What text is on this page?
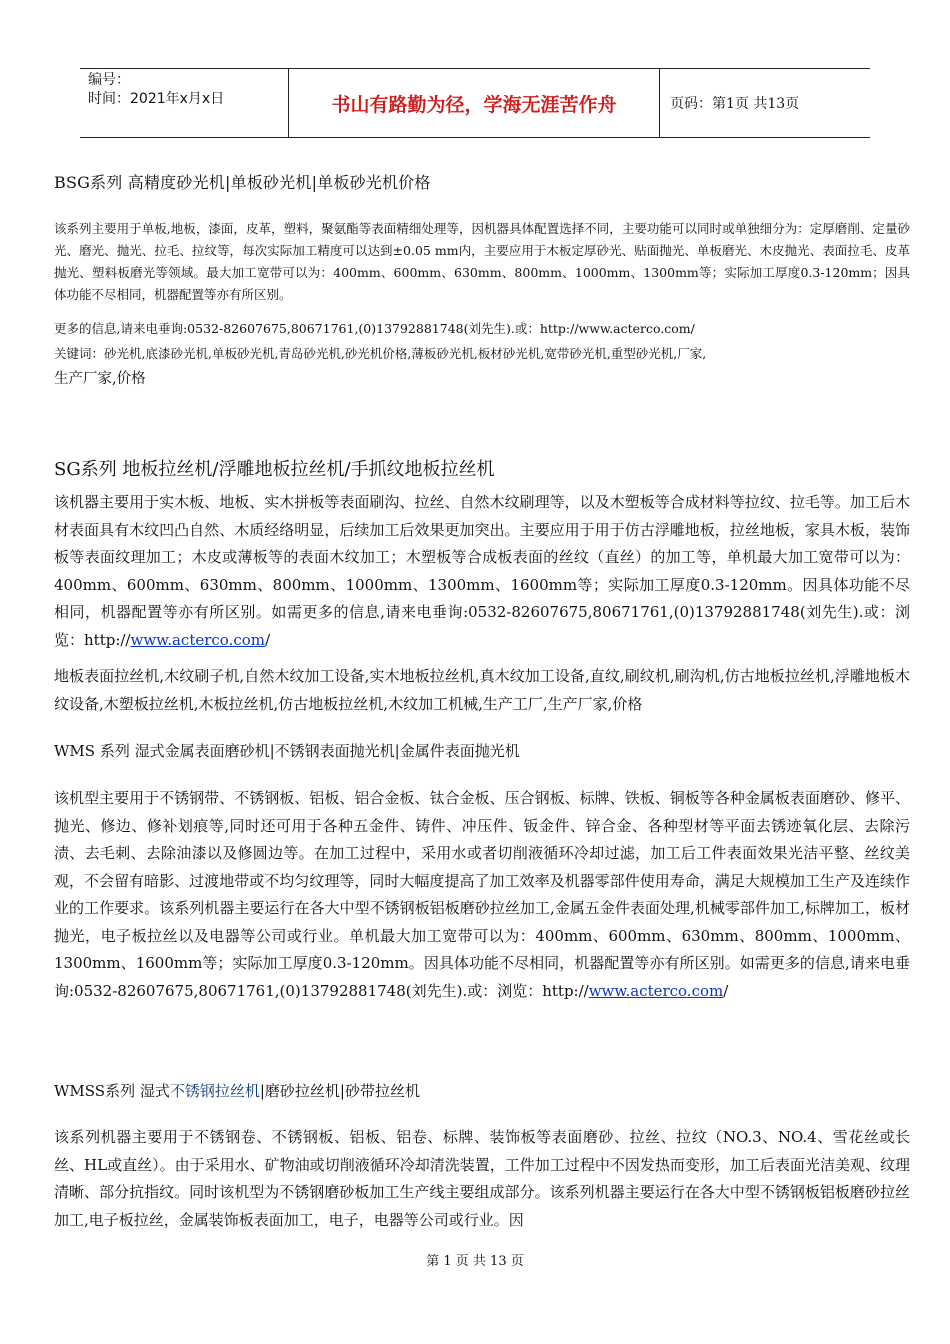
编号：
时间：2021年x月x日	书山有路勤为径，学海无涯苦作舟	页码：第1页 共13页
BSG系列 高精度砂光机|单板砂光机|单板砂光机价格
该系列主要用于单板,地板，漆面，皮革，塑料，聚氨酯等表面精细处理等，因机器具体配置选择不同，主要功能可以同时或单独细分为：定厚磨削、定量砂光、磨光、抛光、拉毛、拉纹等，每次实际加工精度可以达到±0.05 mm内，主要应用于木板定厚砂光、贴面抛光、单板磨光、木皮抛光、表面拉毛、皮革抛光、塑料板磨光等领域。最大加工宽带可以为：400mm、600mm、630mm、800mm、1000mm、1300mm等；实际加工厚度0.3-120mm；因具体功能不尽相同，机器配置等亦有所区别。
更多的信息,请来电垂询:0532-82607675,80671761,(0)13792881748(刘先生).或：http://www.acterco.com/
关键词：砂光机,底漆砂光机,单板砂光机,青岛砂光机,砂光机价格,薄板砂光机,板材砂光机,宽带砂光机,重型砂光机,厂家,
生产厂家,价格
SG系列 地板拉丝机/浮雕地板拉丝机/手抓纹地板拉丝机
该机器主要用于实木板、地板、实木拼板等表面刷沟、拉丝、自然木纹刷理等，以及木塑板等合成材料等拉纹、拉毛等。加工后木材表面具有木纹凹凸自然、木质经络明显，后续加工后效果更加突出。主要应用于用于仿古浮雕地板，拉丝地板，家具木板，装饰板等表面纹理加工；木皮或薄板等的表面木纹加工；木塑板等合成板表面的丝纹（直丝）的加工等，单机最大加工宽带可以为：400mm、600mm、630mm、800mm、1000mm、1300mm、1600mm等；实际加工厚度0.3-120mm。因具体功能不尽相同，机器配置等亦有所区别。如需更多的信息,请来电垂询:0532-82607675,80671761,(0)13792881748(刘先生).或：浏览：http://www.acterco.com/
地板表面拉丝机,木纹刷子机,自然木纹加工设备,实木地板拉丝机,真木纹加工设备,直纹,刷纹机,刷沟机,仿古地板拉丝机,浮雕地板木纹设备,木塑板拉丝机,木板拉丝机,仿古地板拉丝机,木纹加工机械,生产工厂,生产厂家,价格
WMS 系列 湿式金属表面磨砂机|不锈钢表面抛光机|金属件表面抛光机
该机型主要用于不锈钢带、不锈钢板、铝板、铝合金板、钛合金板、压合钢板、标牌、铁板、铜板等各种金属板表面磨砂、修平、抛光、修边、修补划痕等,同时还可用于各种五金件、铸件、冲压件、钣金件、锌合金、各种型材等平面去锈迹氧化层、去除污渍、去毛刺、去除油漆以及修圆边等。在加工过程中，采用水或者切削液循环冷却过滤，加工后工件表面效果光洁平整、丝纹美观，不会留有暗影、过渡地带或不均匀纹理等，同时大幅度提高了加工效率及机器零部件使用寿命，满足大规模加工生产及连续作业的工作要求。该系列机器主要运行在各大中型不锈钢板铝板磨砂拉丝加工,金属五金件表面处理,机械零部件加工,标牌加工，板材抛光，电子板拉丝以及电器等公司或行业。单机最大加工宽带可以为：400mm、600mm、630mm、800mm、1000mm、1300mm、1600mm等；实际加工厚度0.3-120mm。因具体功能不尽相同，机器配置等亦有所区别。如需更多的信息,请来电垂询:0532-82607675,80671761,(0)13792881748(刘先生).或：浏览：http://www.acterco.com/
WMSS系列 湿式不锈钢拉丝机|磨砂拉丝机|砂带拉丝机
该系列机器主要用于不锈钢卷、不锈钢板、铝板、铝卷、标牌、装饰板等表面磨砂、拉丝、拉纹（NO.3、NO.4、雪花丝或长丝、HL或直丝）。由于采用水、矿物油或切削液循环冷却清洗装置，工件加工过程中不因发热而变形，加工后表面光洁美观、纹理清晰、部分抗指纹。同时该机型为不锈钢磨砂板加工生产线主要组成部分。该系列机器主要运行在各大中型不锈钢板铝板磨砂拉丝加工,电子板拉丝，金属装饰板表面加工，电子，电器等公司或行业。因
第 1 页 共 13 页
